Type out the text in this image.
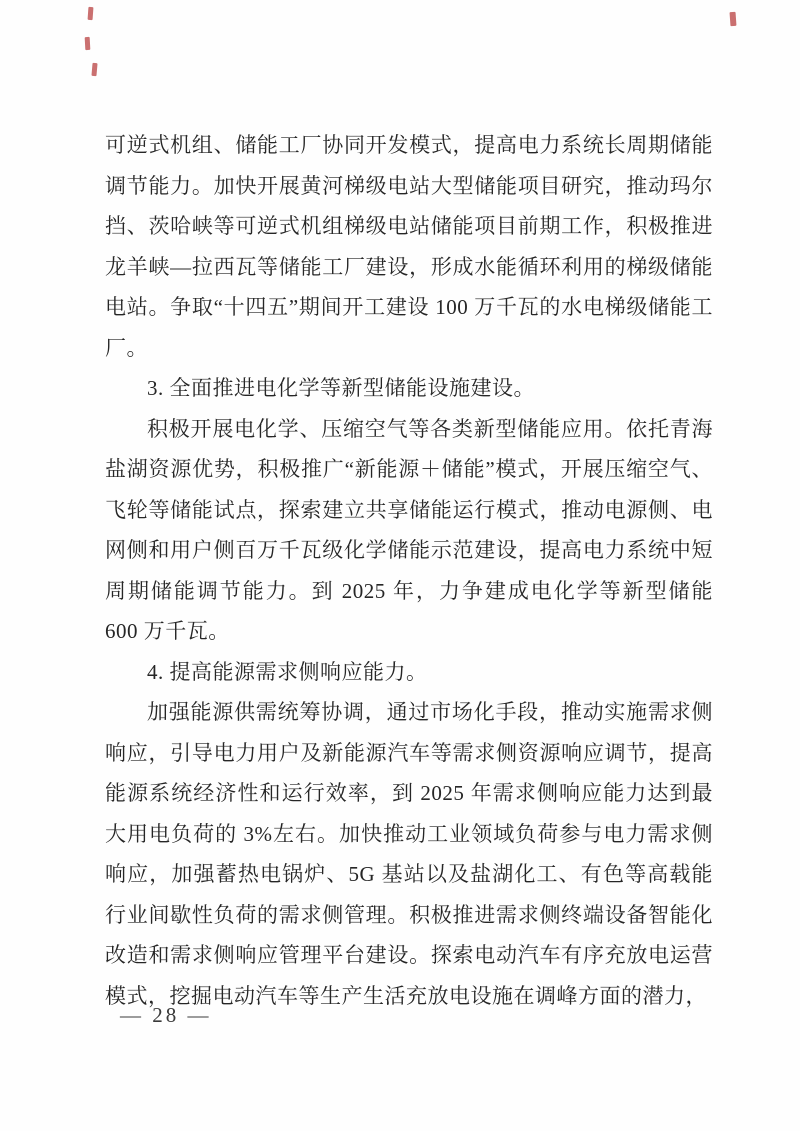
可逆式机组、储能工厂协同开发模式，提高电力系统长周期储能调节能力。加快开展黄河梯级电站大型储能项目研究，推动玛尔挡、茨哈峡等可逆式机组梯级电站储能项目前期工作，积极推进龙羊峡—拉西瓦等储能工厂建设，形成水能循环利用的梯级储能电站。争取“十四五”期间开工建设 100 万千瓦的水电梯级储能工厂。

3. 全面推进电化学等新型储能设施建设。

积极开展电化学、压缩空气等各类新型储能应用。依托青海盐湖资源优势，积极推广“新能源＋储能”模式，开展压缩空气、飞轮等储能试点，探索建立共享储能运行模式，推动电源侧、电网侧和用户侧百万千瓦级化学储能示范建设，提高电力系统中短周期储能调节能力。到 2025 年，力争建成电化学等新型储能 600 万千瓦。

4. 提高能源需求侧响应能力。

加强能源供需统筹协调，通过市场化手段，推动实施需求侧响应，引导电力用户及新能源汽车等需求侧资源响应调节，提高能源系统经济性和运行效率，到 2025 年需求侧响应能力达到最大用电负荷的 3%左右。加快推动工业领域负荷参与电力需求侧响应，加强蓄热电锅炉、5G 基站以及盐湖化工、有色等高载能行业间歇性负荷的需求侧管理。积极推进需求侧终端设备智能化改造和需求侧响应管理平台建设。探索电动汽车有序充放电运营模式，挖掘电动汽车等生产生活充放电设施在调峰方面的潜力，

— 28 —
